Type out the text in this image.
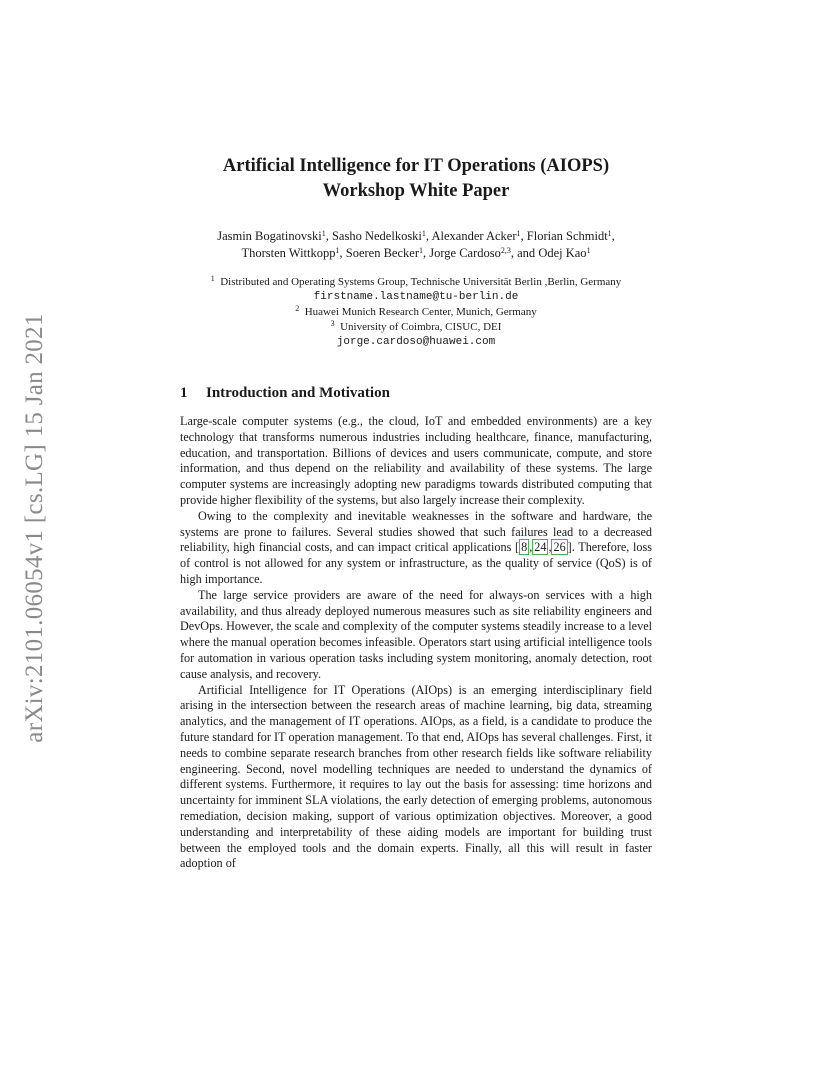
arXiv:2101.06054v1 [cs.LG] 15 Jan 2021
Artificial Intelligence for IT Operations (AIOPS)
Workshop White Paper
Jasmin Bogatinovski$^1$, Sasho Nedelkoski$^1$, Alexander Acker$^1$, Florian Schmidt$^1$,
Thorsten Wittkopp$^1$, Soeren Becker$^1$, Jorge Cardoso$^{2,3}$, and Odej Kao$^1$
$^1$ Distributed and Operating Systems Group, Technische Universität Berlin ,Berlin, Germany
firstname.lastname@tu-berlin.de
$^2$ Huawei Munich Research Center, Munich, Germany
$^3$ University of Coimbra, CISUC, DEI
jorge.cardoso@huawei.com
1 Introduction and Motivation

Large-scale computer systems (e.g., the cloud, IoT and embedded environments) are a key technology that transforms numerous industries including healthcare, finance, manufacturing, education, and transportation. Billions of devices and users communicate, compute, and store information, and thus depend on the reliability and availability of these systems. The large computer systems are increasingly adopting new paradigms towards distributed computing that provide higher flexibility of the systems, but also largely increase their complexity.

Owing to the complexity and inevitable weaknesses in the software and hardware, the systems are prone to failures. Several studies showed that such failures lead to a decreased reliability, high financial costs, and can impact critical applications [ 8 , 24 , 26 ]. Therefore, loss of control is not allowed for any system or infrastructure, as the quality of service (QoS) is of high importance.

The large service providers are aware of the need for always-on services with a high availability, and thus already deployed numerous measures such as site reliability engineers and DevOps. However, the scale and complexity of the computer systems steadily increase to a level where the manual operation becomes infeasible. Operators start using artificial intelligence tools for automation in various operation tasks including system monitoring, anomaly detection, root cause analysis, and recovery.

Artificial Intelligence for IT Operations (AIOps) is an emerging interdisciplinary field arising in the intersection between the research areas of machine learning, big data, streaming analytics, and the management of IT operations. AIOps, as a field, is a candidate to produce the future standard for IT operation management. To that end, AIOps has several challenges. First, it needs to combine separate research branches from other research fields like software reliability engineering. Second, novel modelling techniques are needed to understand the dynamics of different systems. Furthermore, it requires to lay out the basis for assessing: time horizons and uncertainty for imminent SLA violations, the early detection of emerging problems, autonomous remediation, decision making, support of various optimization objectives. Moreover, a good understanding and interpretability of these aiding models are important for building trust between the employed tools and the domain experts. Finally, all this will result in faster adoption of
